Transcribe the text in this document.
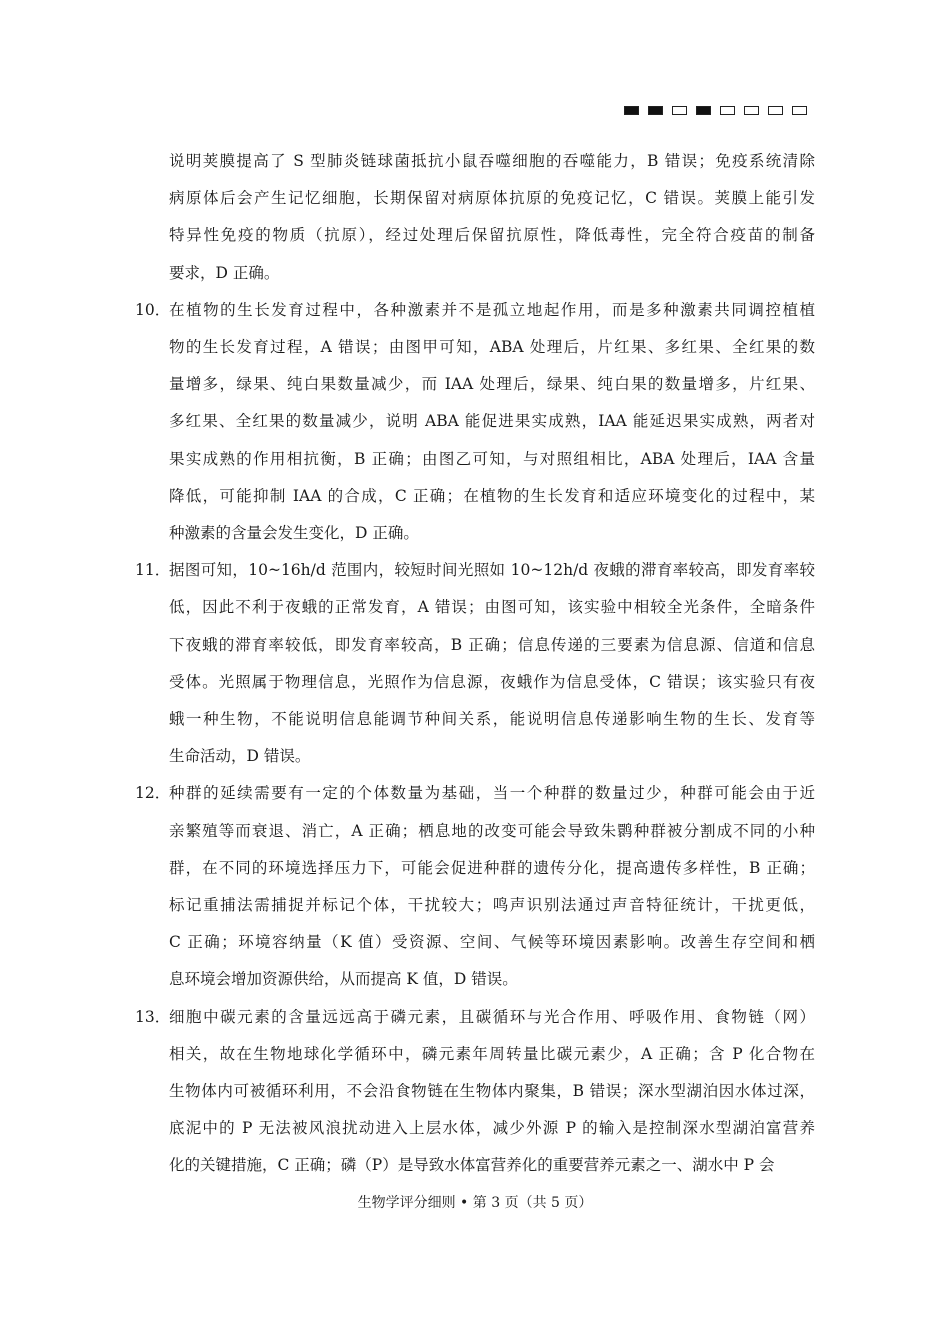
说明荚膜提高了 S 型肺炎链球菌抵抗小鼠吞噬细胞的吞噬能力，B 错误；免疫系统清除
病原体后会产生记忆细胞，长期保留对病原体抗原的免疫记忆，C 错误。荚膜上能引发
特异性免疫的物质（抗原），经过处理后保留抗原性，降低毒性，完全符合疫苗的制备
要求，D 正确。
10．
在植物的生长发育过程中，各种激素并不是孤立地起作用，而是多种激素共同调控植植
物的生长发育过程，A 错误；由图甲可知，ABA 处理后，片红果、多红果、全红果的数
量增多，绿果、纯白果数量减少，而 IAA 处理后，绿果、纯白果的数量增多，片红果、
多红果、全红果的数量减少，说明 ABA 能促进果实成熟，IAA 能延迟果实成熟，两者对
果实成熟的作用相抗衡，B 正确；由图乙可知，与对照组相比，ABA 处理后，IAA 含量
降低，可能抑制 IAA 的合成，C 正确；在植物的生长发育和适应环境变化的过程中，某
种激素的含量会发生变化，D 正确。
11．
据图可知，10~16h/d 范围内，较短时间光照如 10~12h/d 夜蛾的滞育率较高，即发育率较
低，因此不利于夜蛾的正常发育，A 错误；由图可知，该实验中相较全光条件，全暗条件
下夜蛾的滞育率较低，即发育率较高，B 正确；信息传递的三要素为信息源、信道和信息
受体。光照属于物理信息，光照作为信息源，夜蛾作为信息受体，C 错误；该实验只有夜
蛾一种生物，不能说明信息能调节种间关系，能说明信息传递影响生物的生长、发育等
生命活动，D 错误。
12．
种群的延续需要有一定的个体数量为基础，当一个种群的数量过少，种群可能会由于近
亲繁殖等而衰退、消亡，A 正确；栖息地的改变可能会导致朱鹮种群被分割成不同的小种
群，在不同的环境选择压力下，可能会促进种群的遗传分化，提高遗传多样性，B 正确；
标记重捕法需捕捉并标记个体，干扰较大；鸣声识别法通过声音特征统计，干扰更低，
C 正确；环境容纳量（K 值）受资源、空间、气候等环境因素影响。改善生存空间和栖
息环境会增加资源供给，从而提高 K 值，D 错误。
13．
细胞中碳元素的含量远远高于磷元素，且碳循环与光合作用、呼吸作用、食物链（网）
相关，故在生物地球化学循环中，磷元素年周转量比碳元素少，A 正确；含 P 化合物在
生物体内可被循环利用，不会沿食物链在生物体内聚集，B 错误；深水型湖泊因水体过深，
底泥中的 P 无法被风浪扰动进入上层水体，减少外源 P 的输入是控制深水型湖泊富营养
化的关键措施，C 正确；磷（P）是导致水体富营养化的重要营养元素之一、湖水中 P 会
生物学评分细则 • 第 3 页（共 5 页）
